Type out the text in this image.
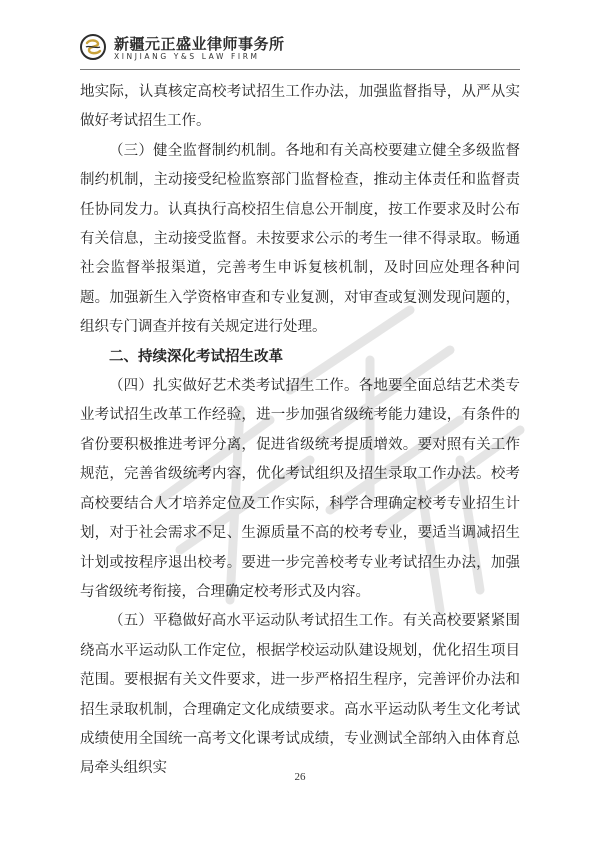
新疆元正盛业律师事务所
XINJIANG Y&S LAW FIRM

地实际，认真核定高校考试招生工作办法，加强监督指导，从严从实做好考试招生工作。

（三）健全监督制约机制。各地和有关高校要建立健全多级监督制约机制，主动接受纪检监察部门监督检查，推动主体责任和监督责任协同发力。认真执行高校招生信息公开制度，按工作要求及时公布有关信息，主动接受监督。未按要求公示的考生一律不得录取。畅通社会监督举报渠道，完善考生申诉复核机制，及时回应处理各种问题。加强新生入学资格审查和专业复测，对审查或复测发现问题的，组织专门调查并按有关规定进行处理。

二、持续深化考试招生改革

（四）扎实做好艺术类考试招生工作。各地要全面总结艺术类专业考试招生改革工作经验，进一步加强省级统考能力建设，有条件的省份要积极推进考评分离，促进省级统考提质增效。要对照有关工作规范，完善省级统考内容，优化考试组织及招生录取工作办法。校考高校要结合人才培养定位及工作实际，科学合理确定校考专业招生计划，对于社会需求不足、生源质量不高的校考专业，要适当调减招生计划或按程序退出校考。要进一步完善校考专业考试招生办法，加强与省级统考衔接，合理确定校考形式及内容。

（五）平稳做好高水平运动队考试招生工作。有关高校要紧紧围绕高水平运动队工作定位，根据学校运动队建设规划，优化招生项目范围。要根据有关文件要求，进一步严格招生程序，完善评价办法和招生录取机制，合理确定文化成绩要求。高水平运动队考生文化考试成绩使用全国统一高考文化课考试成绩，专业测试全部纳入由体育总局牵头组织实

26
